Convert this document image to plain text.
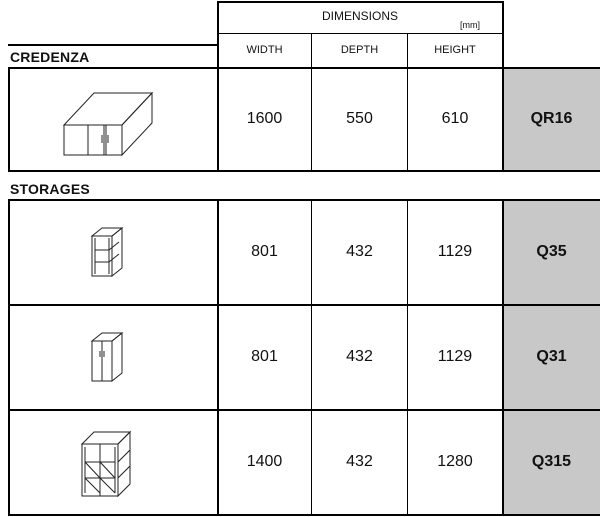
DIMENSIONS
[mm]
WIDTH	DEPTH	HEIGHT
CREDENZA
1600	550	610	QR16
STORAGES
801	432	1129	Q35
801	432	1129	Q31
1400	432	1280	Q315
